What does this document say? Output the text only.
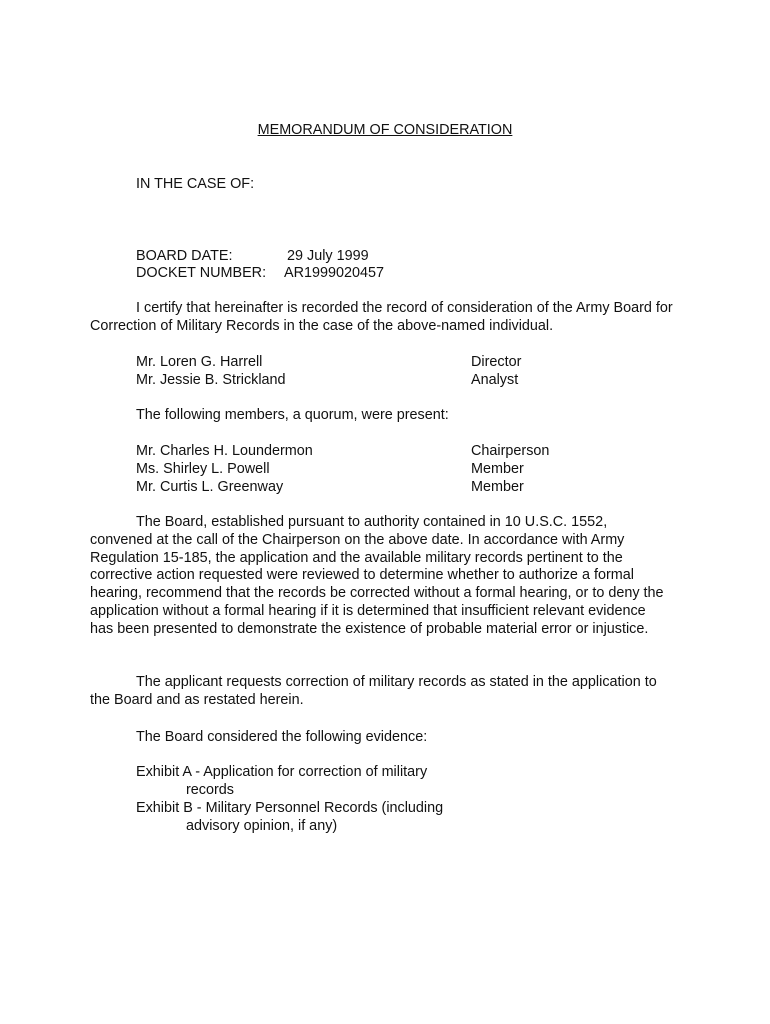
MEMORANDUM OF CONSIDERATION
IN THE CASE OF:
BOARD DATE:	29 July 1999
DOCKET NUMBER: AR1999020457
I certify that hereinafter is recorded the record of consideration of the Army Board for Correction of Military Records in the case of the above-named individual.
Mr. Loren G. Harrell	Director
Mr. Jessie B. Strickland	Analyst
The following members, a quorum, were present:
Mr. Charles H. Loundermon	Chairperson
Ms. Shirley L. Powell	Member
Mr. Curtis L. Greenway	Member
The Board, established pursuant to authority contained in 10 U.S.C. 1552, convened at the call of the Chairperson on the above date. In accordance with Army Regulation 15-185, the application and the available military records pertinent to the corrective action requested were reviewed to determine whether to authorize a formal hearing, recommend that the records be corrected without a formal hearing, or to deny the application without a formal hearing if it is determined that insufficient relevant evidence has been presented to demonstrate the existence of probable material error or injustice.
The applicant requests correction of military records as stated in the application to the Board and as restated herein.
The Board considered the following evidence:
Exhibit A - Application for correction of military
records
Exhibit B - Military Personnel Records (including
advisory opinion, if any)
